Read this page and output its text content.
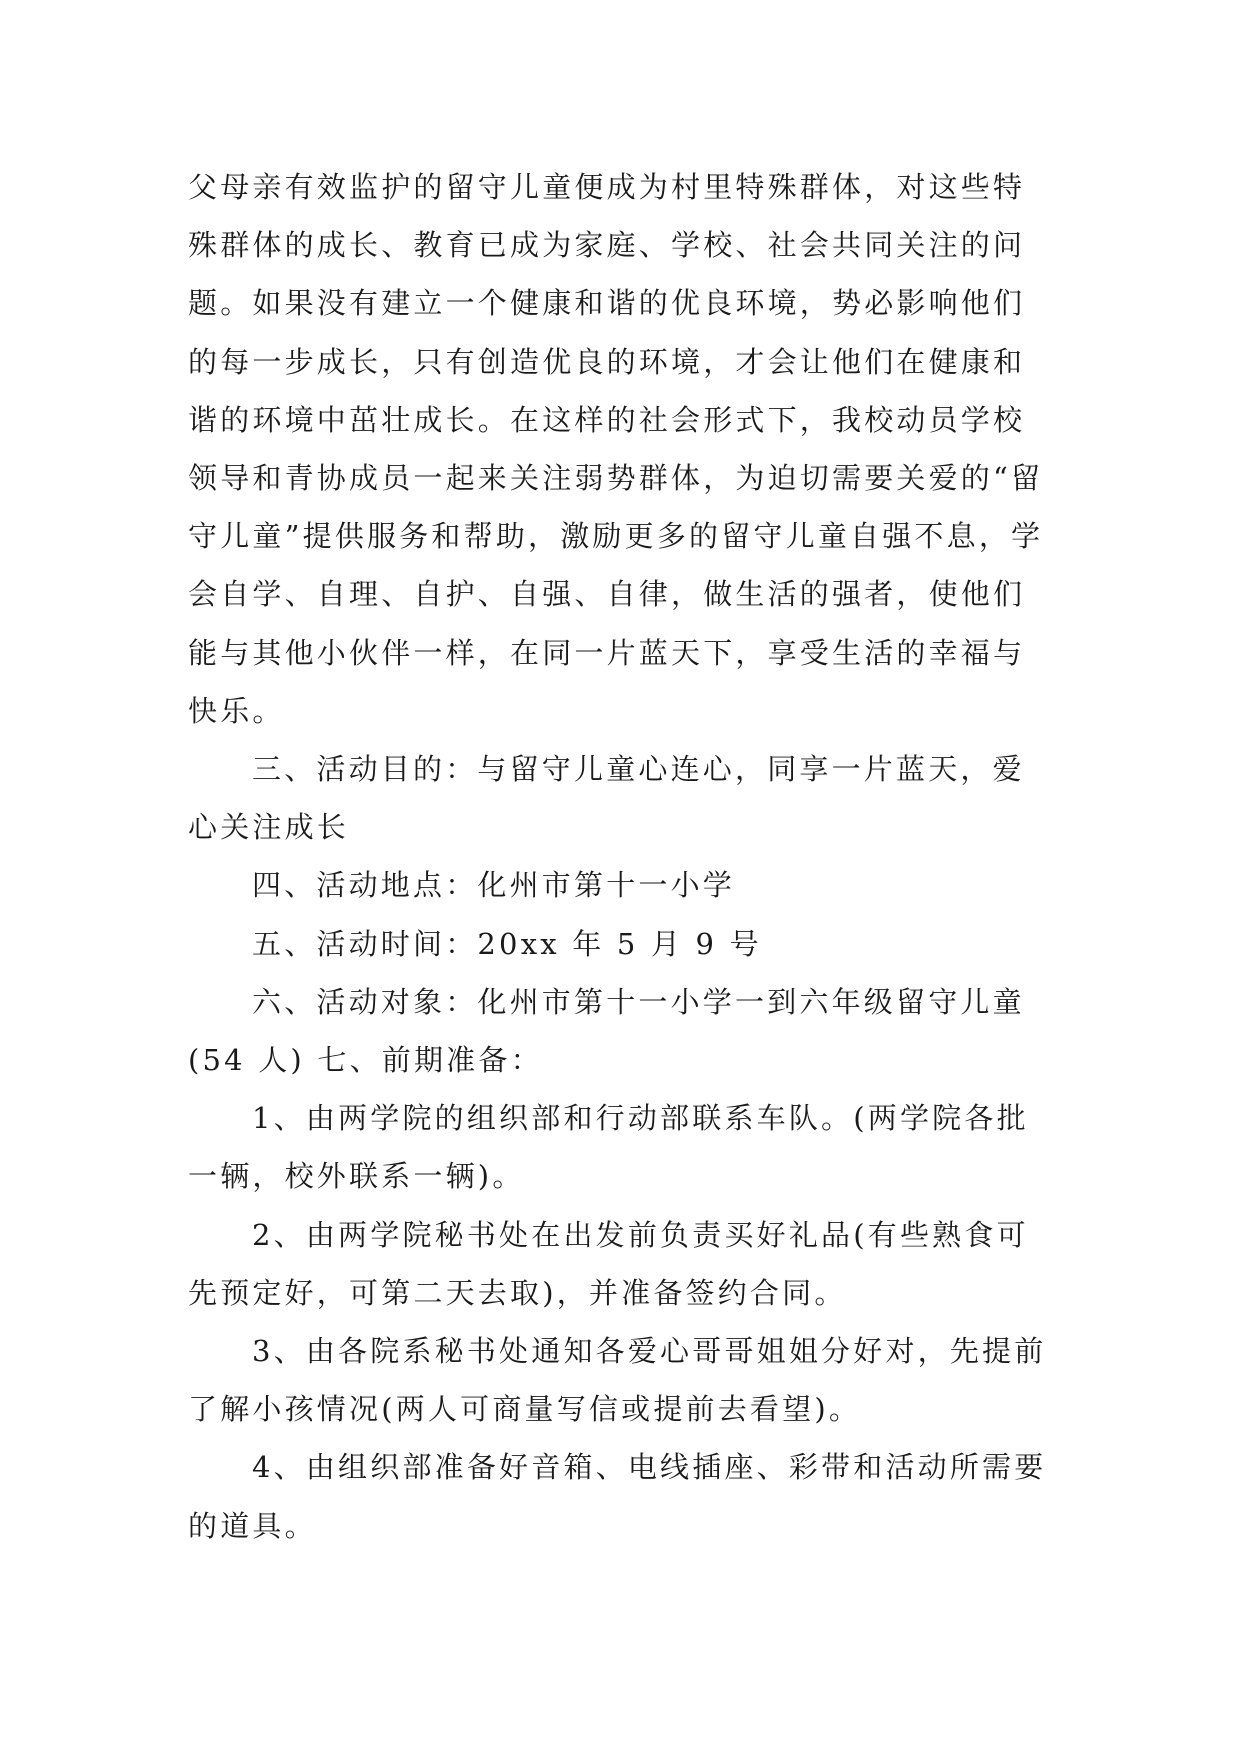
父母亲有效监护的留守儿童便成为村里特殊群体，对这些特殊群体的成长、教育已成为家庭、学校、社会共同关注的问题。如果没有建立一个健康和谐的优良环境，势必影响他们的每一步成长，只有创造优良的环境，才会让他们在健康和谐的环境中茁壮成长。在这样的社会形式下，我校动员学校领导和青协成员一起来关注弱势群体，为迫切需要关爱的“留守儿童”提供服务和帮助，激励更多的留守儿童自强不息，学会自学、自理、自护、自强、自律，做生活的强者，使他们能与其他小伙伴一样，在同一片蓝天下，享受生活的幸福与快乐。

三、活动目的：与留守儿童心连心，同享一片蓝天，爱心关注成长

四、活动地点：化州市第十一小学

五、活动时间：20xx 年 5 月 9 号

六、活动对象：化州市第十一小学一到六年级留守儿童(54 人) 七、前期准备：

1、由两学院的组织部和行动部联系车队。(两学院各批一辆，校外联系一辆)。

2、由两学院秘书处在出发前负责买好礼品(有些熟食可先预定好，可第二天去取)，并准备签约合同。

3、由各院系秘书处通知各爱心哥哥姐姐分好对，先提前了解小孩情况(两人可商量写信或提前去看望)。

4、由组织部准备好音箱、电线插座、彩带和活动所需要的道具。
